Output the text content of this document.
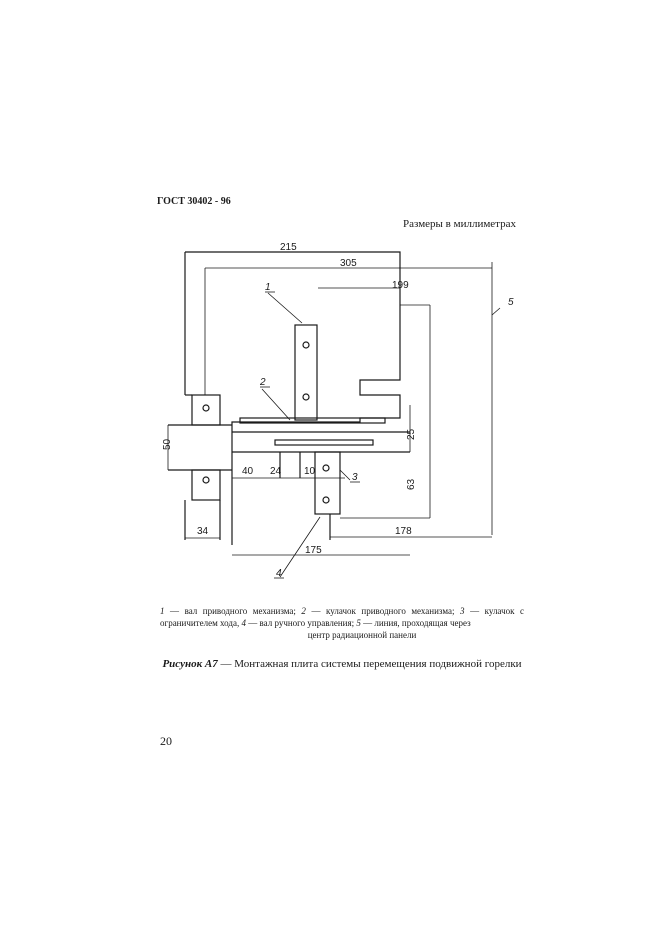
ГОСТ 30402 - 96
Размеры в миллиметрах
215
305
199
50
40 24 10
25
63
34
175
178
1
2
3
4
5
1 — вал приводного механизма; 2 — кулачок приводного механизма; 3 — кулачок с ограничителем хода, 4 — вал ручного управления; 5 — линия, проходящая через
центр радиационной панели
Рисунок А7 — Монтажная плита системы перемещения подвижной горелки
20
